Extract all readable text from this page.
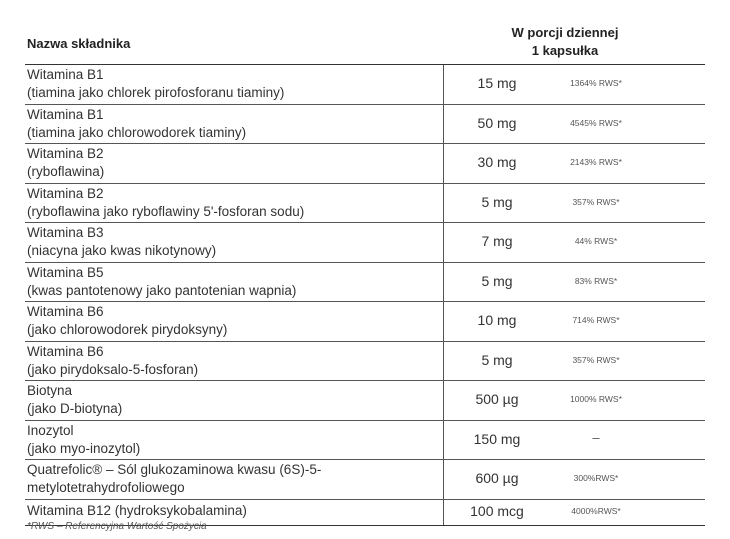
Nazwa składnika
W porcji dziennej
1 kapsułka
Witamina B1
(tiamina jako chlorek pirofosforanu tiaminy)
15 mg	1364% RWS*
Witamina B1
(tiamina jako chlorowodorek tiaminy)
50 mg	4545% RWS*
Witamina B2
(ryboflawina)
30 mg	2143% RWS*
Witamina B2
(ryboflawina jako ryboflawiny 5'-fosforan sodu)
5 mg	357% RWS*
Witamina B3
(niacyna jako kwas nikotynowy)
7 mg	44% RWS*
Witamina B5
(kwas pantotenowy jako pantotenian wapnia)
5 mg	83% RWS*
Witamina B6
(jako chlorowodorek pirydoksyny)
10 mg	714% RWS*
Witamina B6
(jako pirydoksalo-5-fosforan)
5 mg	357% RWS*
Biotyna
(jako D-biotyna)
500 µg	1000% RWS*
Inozytol
(jako myo-inozytol)
150 mg	–
Quatrefolic® – Sól glukozaminowa kwasu (6S)-5-
metylotetrahydrofoliowego
600 µg	300%RWS*
Witamina B12 (hydroksykobalamina)	100 mcg	4000%RWS*
*RWS – Referencyjna Wartość Spożycia
